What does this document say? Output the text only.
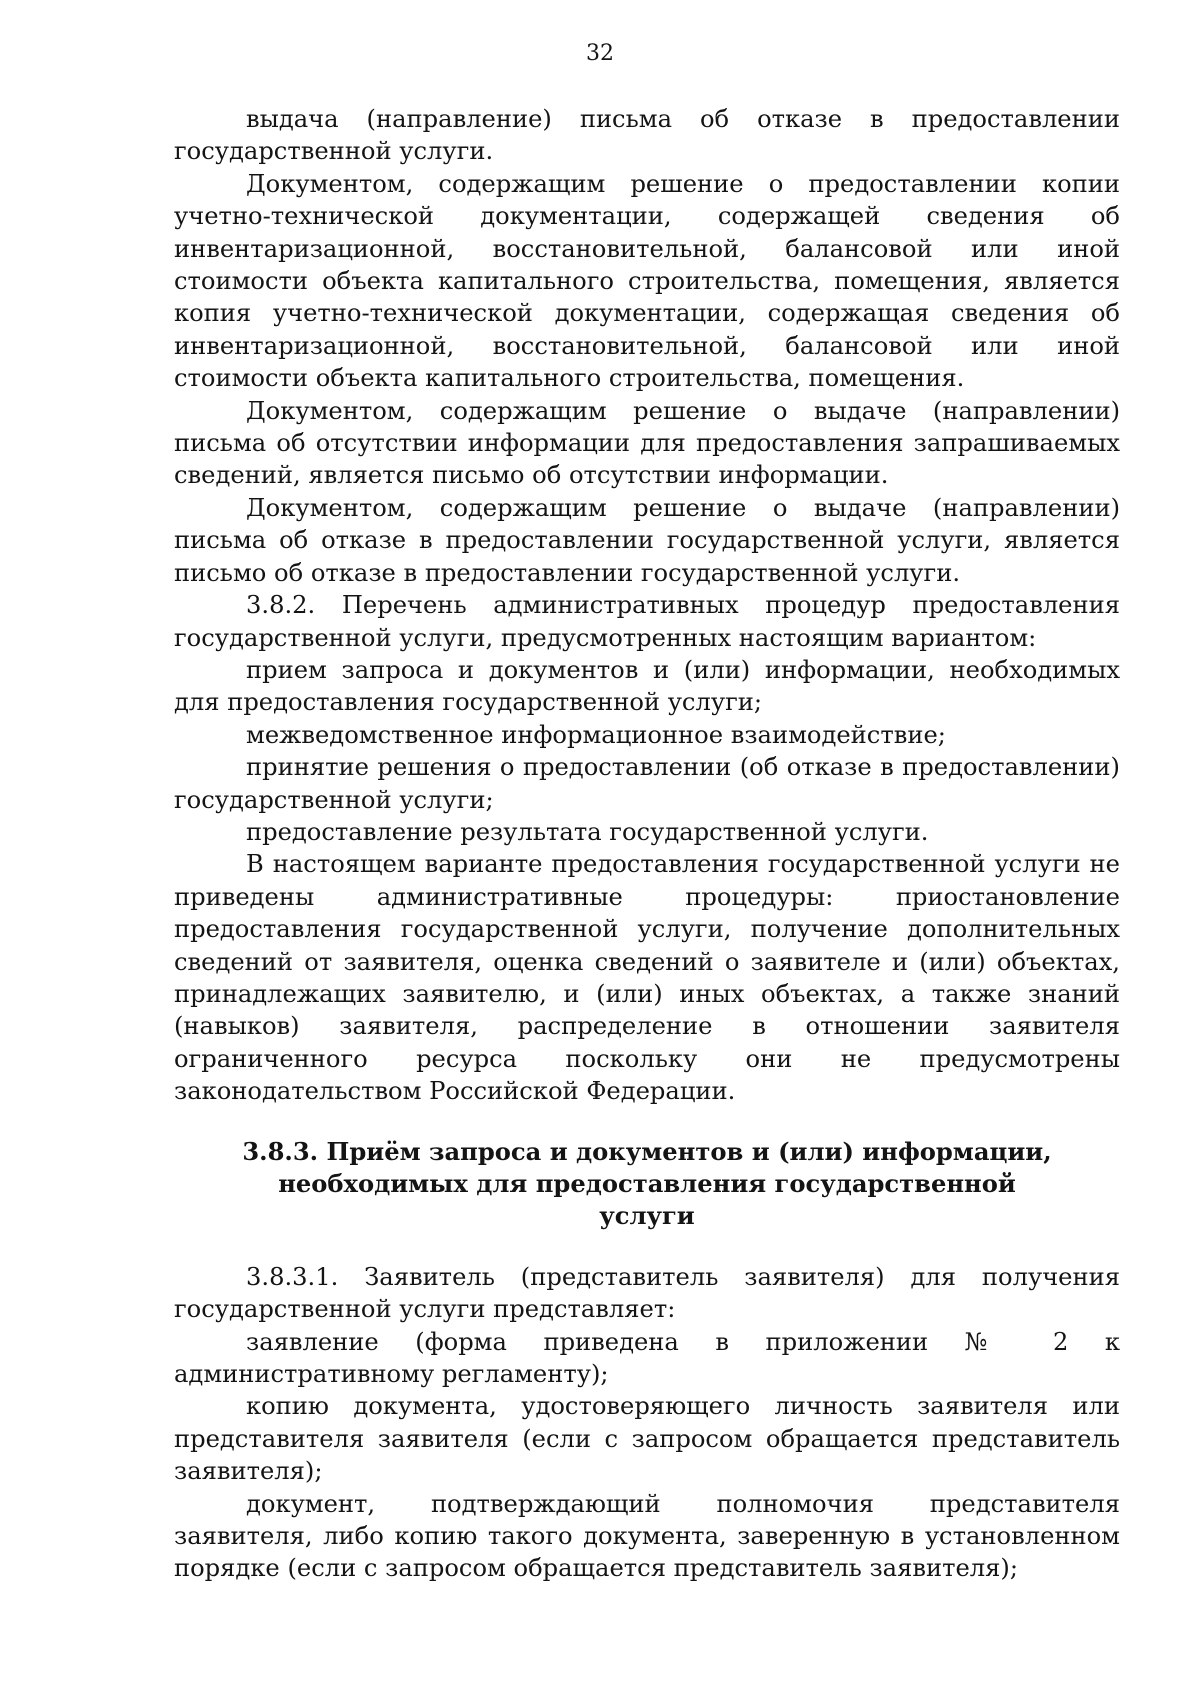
32

выдача (направление) письма об отказе в предоставлении государственной услуги.

Документом, содержащим решение о предоставлении копии учетно-технической документации, содержащей сведения об инвентаризационной, восстановительной, балансовой или иной стоимости объекта капитального строительства, помещения, является копия учетно-технической документации, содержащая сведения об инвентаризационной, восстановительной, балансовой или иной стоимости объекта капитального строительства, помещения.

Документом, содержащим решение о выдаче (направлении) письма об отсутствии информации для предоставления запрашиваемых сведений, является письмо об отсутствии информации.

Документом, содержащим решение о выдаче (направлении) письма об отказе в предоставлении государственной услуги, является письмо об отказе в предоставлении государственной услуги.

3.8.2. Перечень административных процедур предоставления государственной услуги, предусмотренных настоящим вариантом:

прием запроса и документов и (или) информации, необходимых для предоставления государственной услуги;

межведомственное информационное взаимодействие;

принятие решения о предоставлении (об отказе в предоставлении) государственной услуги;

предоставление результата государственной услуги.

В настоящем варианте предоставления государственной услуги не приведены административные процедуры: приостановление предоставления государственной услуги, получение дополнительных сведений от заявителя, оценка сведений о заявителе и (или) объектах, принадлежащих заявителю, и (или) иных объектах, а также знаний (навыков) заявителя, распределение в отношении заявителя ограниченного ресурса поскольку они не предусмотрены законодательством Российской Федерации.

3.8.3. Приём запроса и документов и (или) информации, необходимых для предоставления государственной услуги

3.8.3.1. Заявитель (представитель заявителя) для получения государственной услуги представляет:

заявление (форма приведена в приложении № 2 к административному регламенту);

копию документа, удостоверяющего личность заявителя или представителя заявителя (если с запросом обращается представитель заявителя);

документ, подтверждающий полномочия представителя заявителя, либо копию такого документа, заверенную в установленном порядке (если с запросом обращается представитель заявителя);
